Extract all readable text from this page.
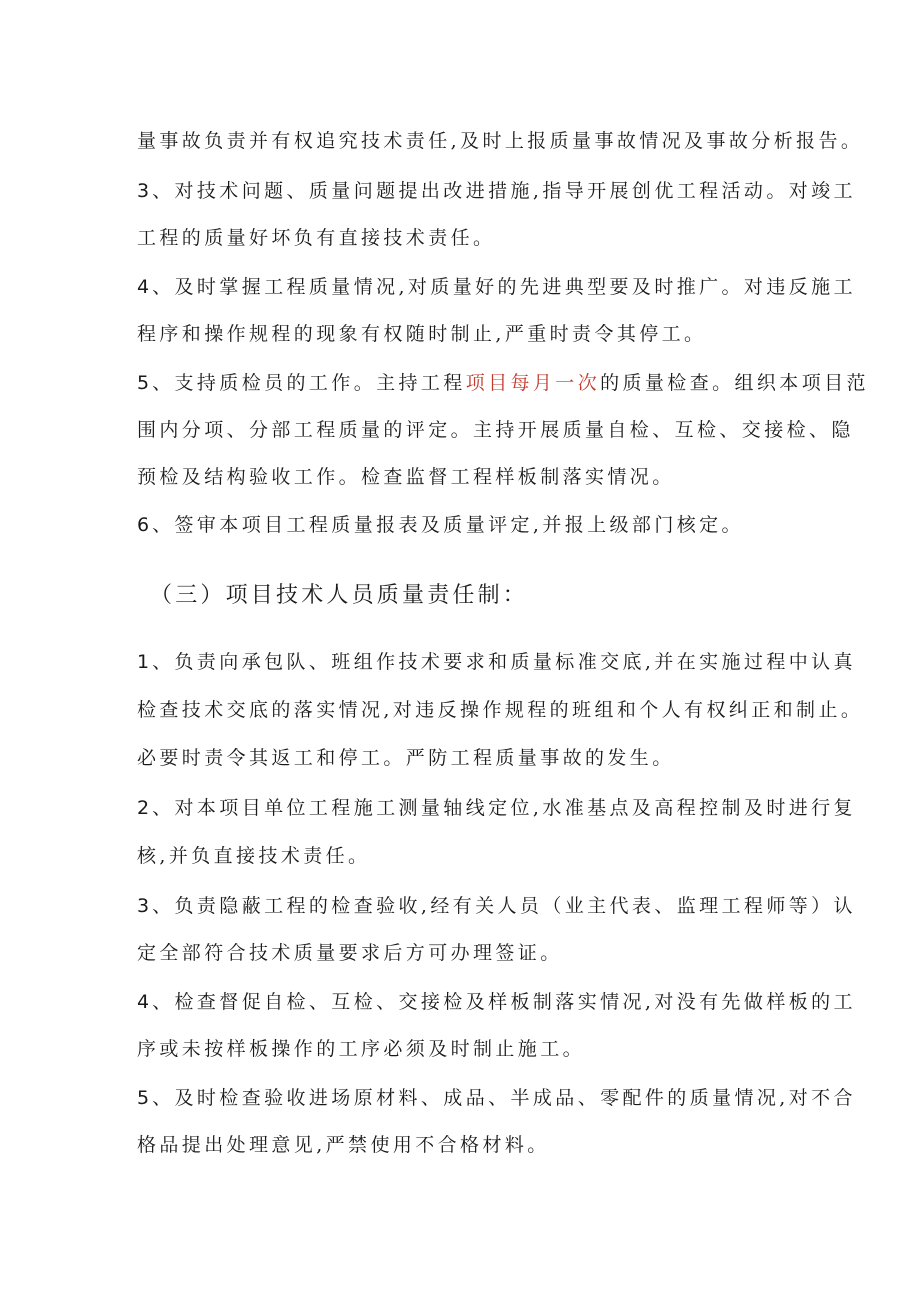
量事故负责并有权追究技术责任,及时上报质量事故情况及事故分析报告。
3 、对技术问题、质量问题提出改进措施,指导开展创优工程活动。对竣工
工程的质量好坏负有直接技术责任。
4 、及时掌握工程质量情况,对质量好的先进典型要及时推广。对违反施工
程序和操作规程的现象有权随时制止,严重时责令其停工。
5 、支持质检员的工作。主持工程项目每月一次的质量检查。组织本项目范
围内分项、分部工程质量的评定。主持开展质量自检、互检、交接检、隐
预检及结构验收工作。检查监督工程样板制落实情况。
6 、签审本项目工程质量报表及质量评定,并报上级部门核定。
（三）项目技术人员质量责任制：
1 、负责向承包队、班组作技术要求和质量标准交底,并在实施过程中认真
检查技术交底的落实情况,对违反操作规程的班组和个人有权纠正和制止。
必要时责令其返工和停工。严防工程质量事故的发生。
2 、对本项目单位工程施工测量轴线定位,水准基点及高程控制及时进行复
核,并负直接技术责任。
3 、负责隐蔽工程的检查验收,经有关人员（业主代表、监理工程师等）认
定全部符合技术质量要求后方可办理签证。
4 、检查督促自检、互检、交接检及样板制落实情况,对没有先做样板的工
序或未按样板操作的工序必须及时制止施工。
5 、及时检查验收进场原材料、成品、半成品、零配件的质量情况,对不合
格品提出处理意见,严禁使用不合格材料。
